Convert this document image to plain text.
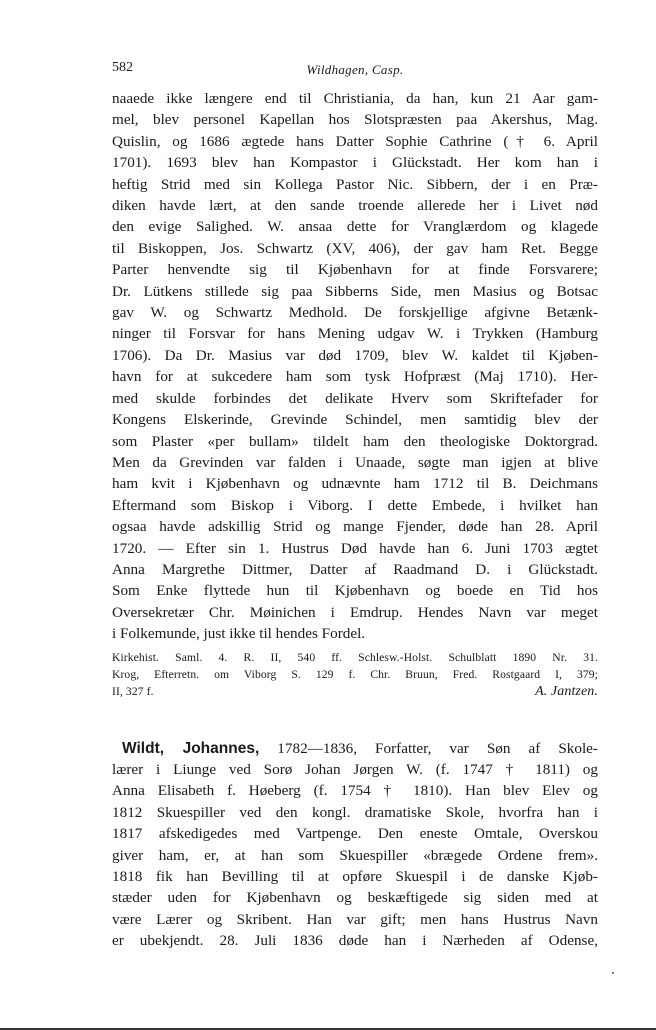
582	Wildhagen, Casp.
naaede ikke længere end til Christiania, da han, kun 21 Aar gam-
mel, blev personel Kapellan hos Slotspræsten paa Akershus, Mag.
Quislin, og 1686 ægtede hans Datter Sophie Cathrine († 6. April
1701). 1693 blev han Kompastor i Glückstadt. Her kom han i
heftig Strid med sin Kollega Pastor Nic. Sibbern, der i en Præ-
diken havde lært, at den sande troende allerede her i Livet nød
den evige Salighed. W. ansaa dette for Vranglærdom og klagede
til Biskoppen, Jos. Schwartz (XV, 406), der gav ham Ret. Begge
Parter henvendte sig til Kjøbenhavn for at finde Forsvarere;
Dr. Lütkens stillede sig paa Sibberns Side, men Masius og Botsac
gav W. og Schwartz Medhold. De forskjellige afgivne Betænk-
ninger til Forsvar for hans Mening udgav W. i Trykken (Hamburg
1706). Da Dr. Masius var død 1709, blev W. kaldet til Kjøben-
havn for at sukcedere ham som tysk Hofpræst (Maj 1710). Her-
med skulde forbindes det delikate Hverv som Skriftefader for
Kongens Elskerinde, Grevinde Schindel, men samtidig blev der
som Plaster «per bullam» tildelt ham den theologiske Doktorgrad.
Men da Grevinden var falden i Unaade, søgte man igjen at blive
ham kvit i Kjøbenhavn og udnævnte ham 1712 til B. Deichmans
Eftermand som Biskop i Viborg. I dette Embede, i hvilket han
ogsaa havde adskillig Strid og mange Fjender, døde han 28. April
1720. — Efter sin 1. Hustrus Død havde han 6. Juni 1703 ægtet
Anna Margrethe Dittmer, Datter af Raadmand D. i Glückstadt.
Som Enke flyttede hun til Kjøbenhavn og boede en Tid hos
Oversekretær Chr. Møinichen i Emdrup. Hendes Navn var meget
i Folkemunde, just ikke til hendes Fordel.
Kirkehist. Saml. 4. R. II, 540 ff. Schlesw.-Holst. Schulblatt 1890 Nr. 31.
Krog, Efterretn. om Viborg S. 129 f. Chr. Bruun, Fred. Rostgaard I, 379;
II, 327 f.	A. Jantzen.
Wildt, Johannes, 1782—1836, Forfatter, var Søn af Skole-
lærer i Liunge ved Sorø Johan Jørgen W. (f. 1747 † 1811) og
Anna Elisabeth f. Høeberg (f. 1754 † 1810). Han blev Elev og
1812 Skuespiller ved den kongl. dramatiske Skole, hvorfra han i
1817 afskedigedes med Vartpenge. Den eneste Omtale, Overskou
giver ham, er, at han som Skuespiller «brægede Ordene frem».
1818 fik han Bevilling til at opføre Skuespil i de danske Kjøb-
stæder uden for Kjøbenhavn og beskæftigede sig siden med at
være Lærer og Skribent. Han var gift; men hans Hustrus Navn
er ubekjendt. 28. Juli 1836 døde han i Nærheden af Odense,
